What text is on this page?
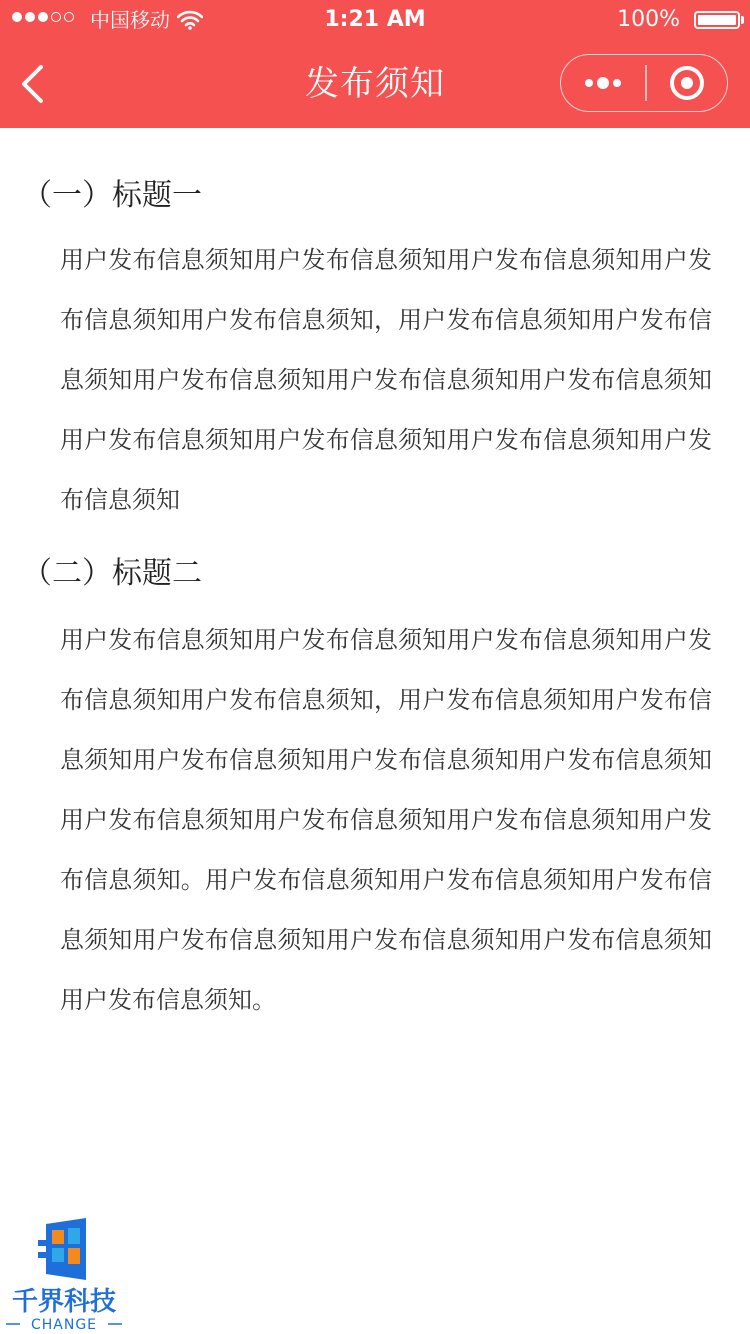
中国移动	1:21 AM	100%
发布须知
（一）标题一
用户发布信息须知用户发布信息须知用户发布信息须知用户发布信息须知用户发布信息须知，用户发布信息须知用户发布信息须知用户发布信息须知用户发布信息须知用户发布信息须知用户发布信息须知用户发布信息须知用户发布信息须知用户发布信息须知
（二）标题二
用户发布信息须知用户发布信息须知用户发布信息须知用户发布信息须知用户发布信息须知，用户发布信息须知用户发布信息须知用户发布信息须知用户发布信息须知用户发布信息须知用户发布信息须知用户发布信息须知用户发布信息须知用户发布信息须知。用户发布信息须知用户发布信息须知用户发布信息须知用户发布信息须知用户发布信息须知用户发布信息须知用户发布信息须知。
千界科技
CHANGE
